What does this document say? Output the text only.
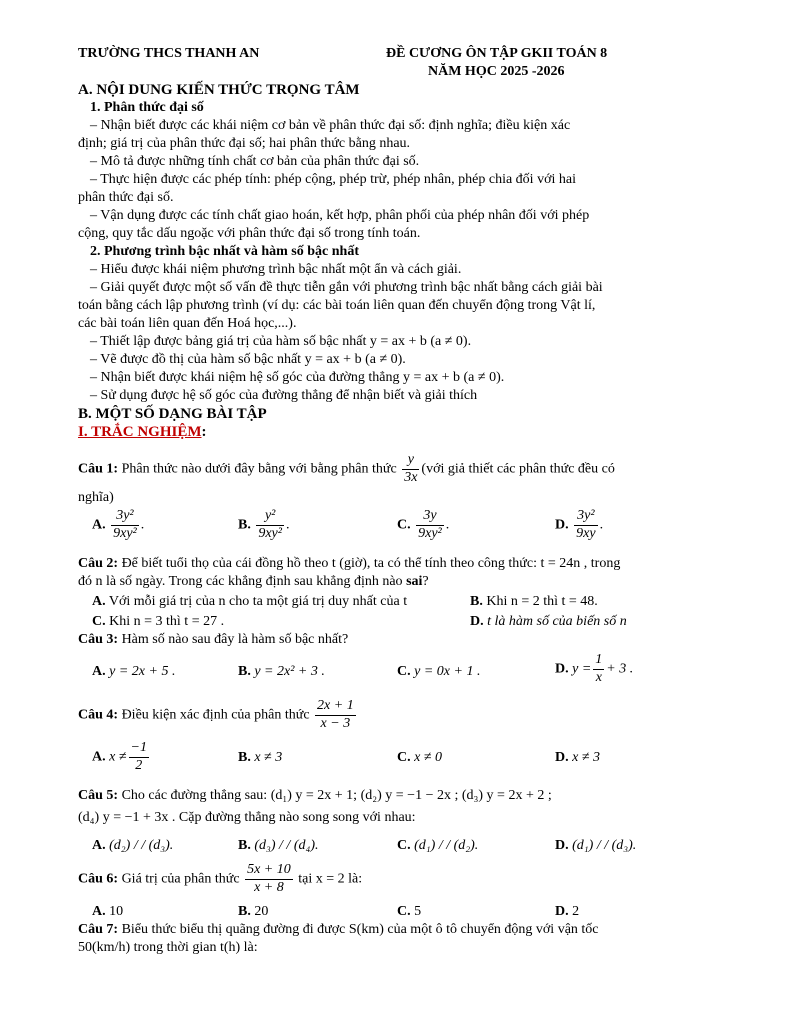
TRƯỜNG THCS THANH AN	ĐỀ CƯƠNG ÔN TẬP GKII TOÁN 8
NĂM HỌC 2025 -2026
A. NỘI DUNG KIẾN THỨC TRỌNG TÂM
1. Phân thức đại số
– Nhận biết được các khái niệm cơ bản về phân thức đại số: định nghĩa; điều kiện xác
định; giá trị của phân thức đại số; hai phân thức bằng nhau.
– Mô tả được những tính chất cơ bản của phân thức đại số.
– Thực hiện được các phép tính: phép cộng, phép trừ, phép nhân, phép chia đối với hai
phân thức đại số.
– Vận dụng được các tính chất giao hoán, kết hợp, phân phối của phép nhân đối với phép
cộng, quy tắc dấu ngoặc với phân thức đại số trong tính toán.
2. Phương trình bậc nhất và hàm số bậc nhất
– Hiểu được khái niệm phương trình bậc nhất một ẩn và cách giải.
– Giải quyết được một số vấn đề thực tiễn gắn với phương trình bậc nhất bằng cách giải bài
toán bằng cách lập phương trình (ví dụ: các bài toán liên quan đến chuyển động trong Vật lí,
các bài toán liên quan đến Hoá học,...).
– Thiết lập được bảng giá trị của hàm số bậc nhất y = ax + b (a ≠ 0).
– Vẽ được đồ thị của hàm số bậc nhất y = ax + b (a ≠ 0).
– Nhận biết được khái niệm hệ số góc của đường thẳng y = ax + b (a ≠ 0).
– Sử dụng được hệ số góc của đường thẳng để nhận biết và giải thích
B. MỘT SỐ DẠNG BÀI TẬP
I. TRẮC NGHIỆM:
Câu 1: Phân thức nào dưới đây bằng với bằng phân thức $\frac{y}{3x}$ (với giả thiết các phân thức đều có
nghĩa)
A. $\frac{\text{3y²}}{\text{9xy²}}$ .	B. $\frac{\text{y²}}{\text{9xy²}}$ .	C. $\frac{3y}{\text{9xy²}}$ .	D. $\frac{\text{3y²}}{9xy}$ .
Câu 2: Để biết tuổi thọ của cái đồng hồ theo t (giờ), ta có thể tính theo công thức: t = 24n , trong
đó n là số ngày. Trong các khẳng định sau khẳng định nào sai?
A. Với mỗi giá trị của n cho ta một giá trị duy nhất của t	B. Khi n = 2 thì t = 48.
C. Khi n = 3 thì t = 27 .	D. t là hàm số của biến số n
Câu 3: Hàm số nào sau đây là hàm số bậc nhất?
A. y = 2x + 5 .	B. y = 2x² + 3 .	C. y = 0x + 1 .	D. $y = \frac{1}{x} + 3$ .
Câu 4: Điều kiện xác định của phân thức $\frac{2x + 1}{x - 3}$
A. $x \ne \frac{-1}{2}$	B. x ≠ 3	C. x ≠ 0	D. x ≠ 3
Câu 5: Cho các đường thẳng sau: (d₁) y = 2x + 1; (d₂) y = −1 − 2x ; (d₃) y = 2x + 2 ;
(d₄) y = −1 + 3x . Cặp đường thẳng nào song song với nhau:
A. (d₂) / / (d₃).	B. (d₃) / / (d₄).	C. (d₁) / / (d₂).	D. (d₁) / / (d₃).
Câu 6: Giá trị của phân thức $\frac{5x + 10}{x + 8}$ tại x = 2 là:
A. 10	B. 20	C. 5	D. 2
Câu 7: Biểu thức biểu thị quãng đường đi được S(km) của một ô tô chuyển động với vận tốc
50(km/h) trong thời gian t(h) là:
